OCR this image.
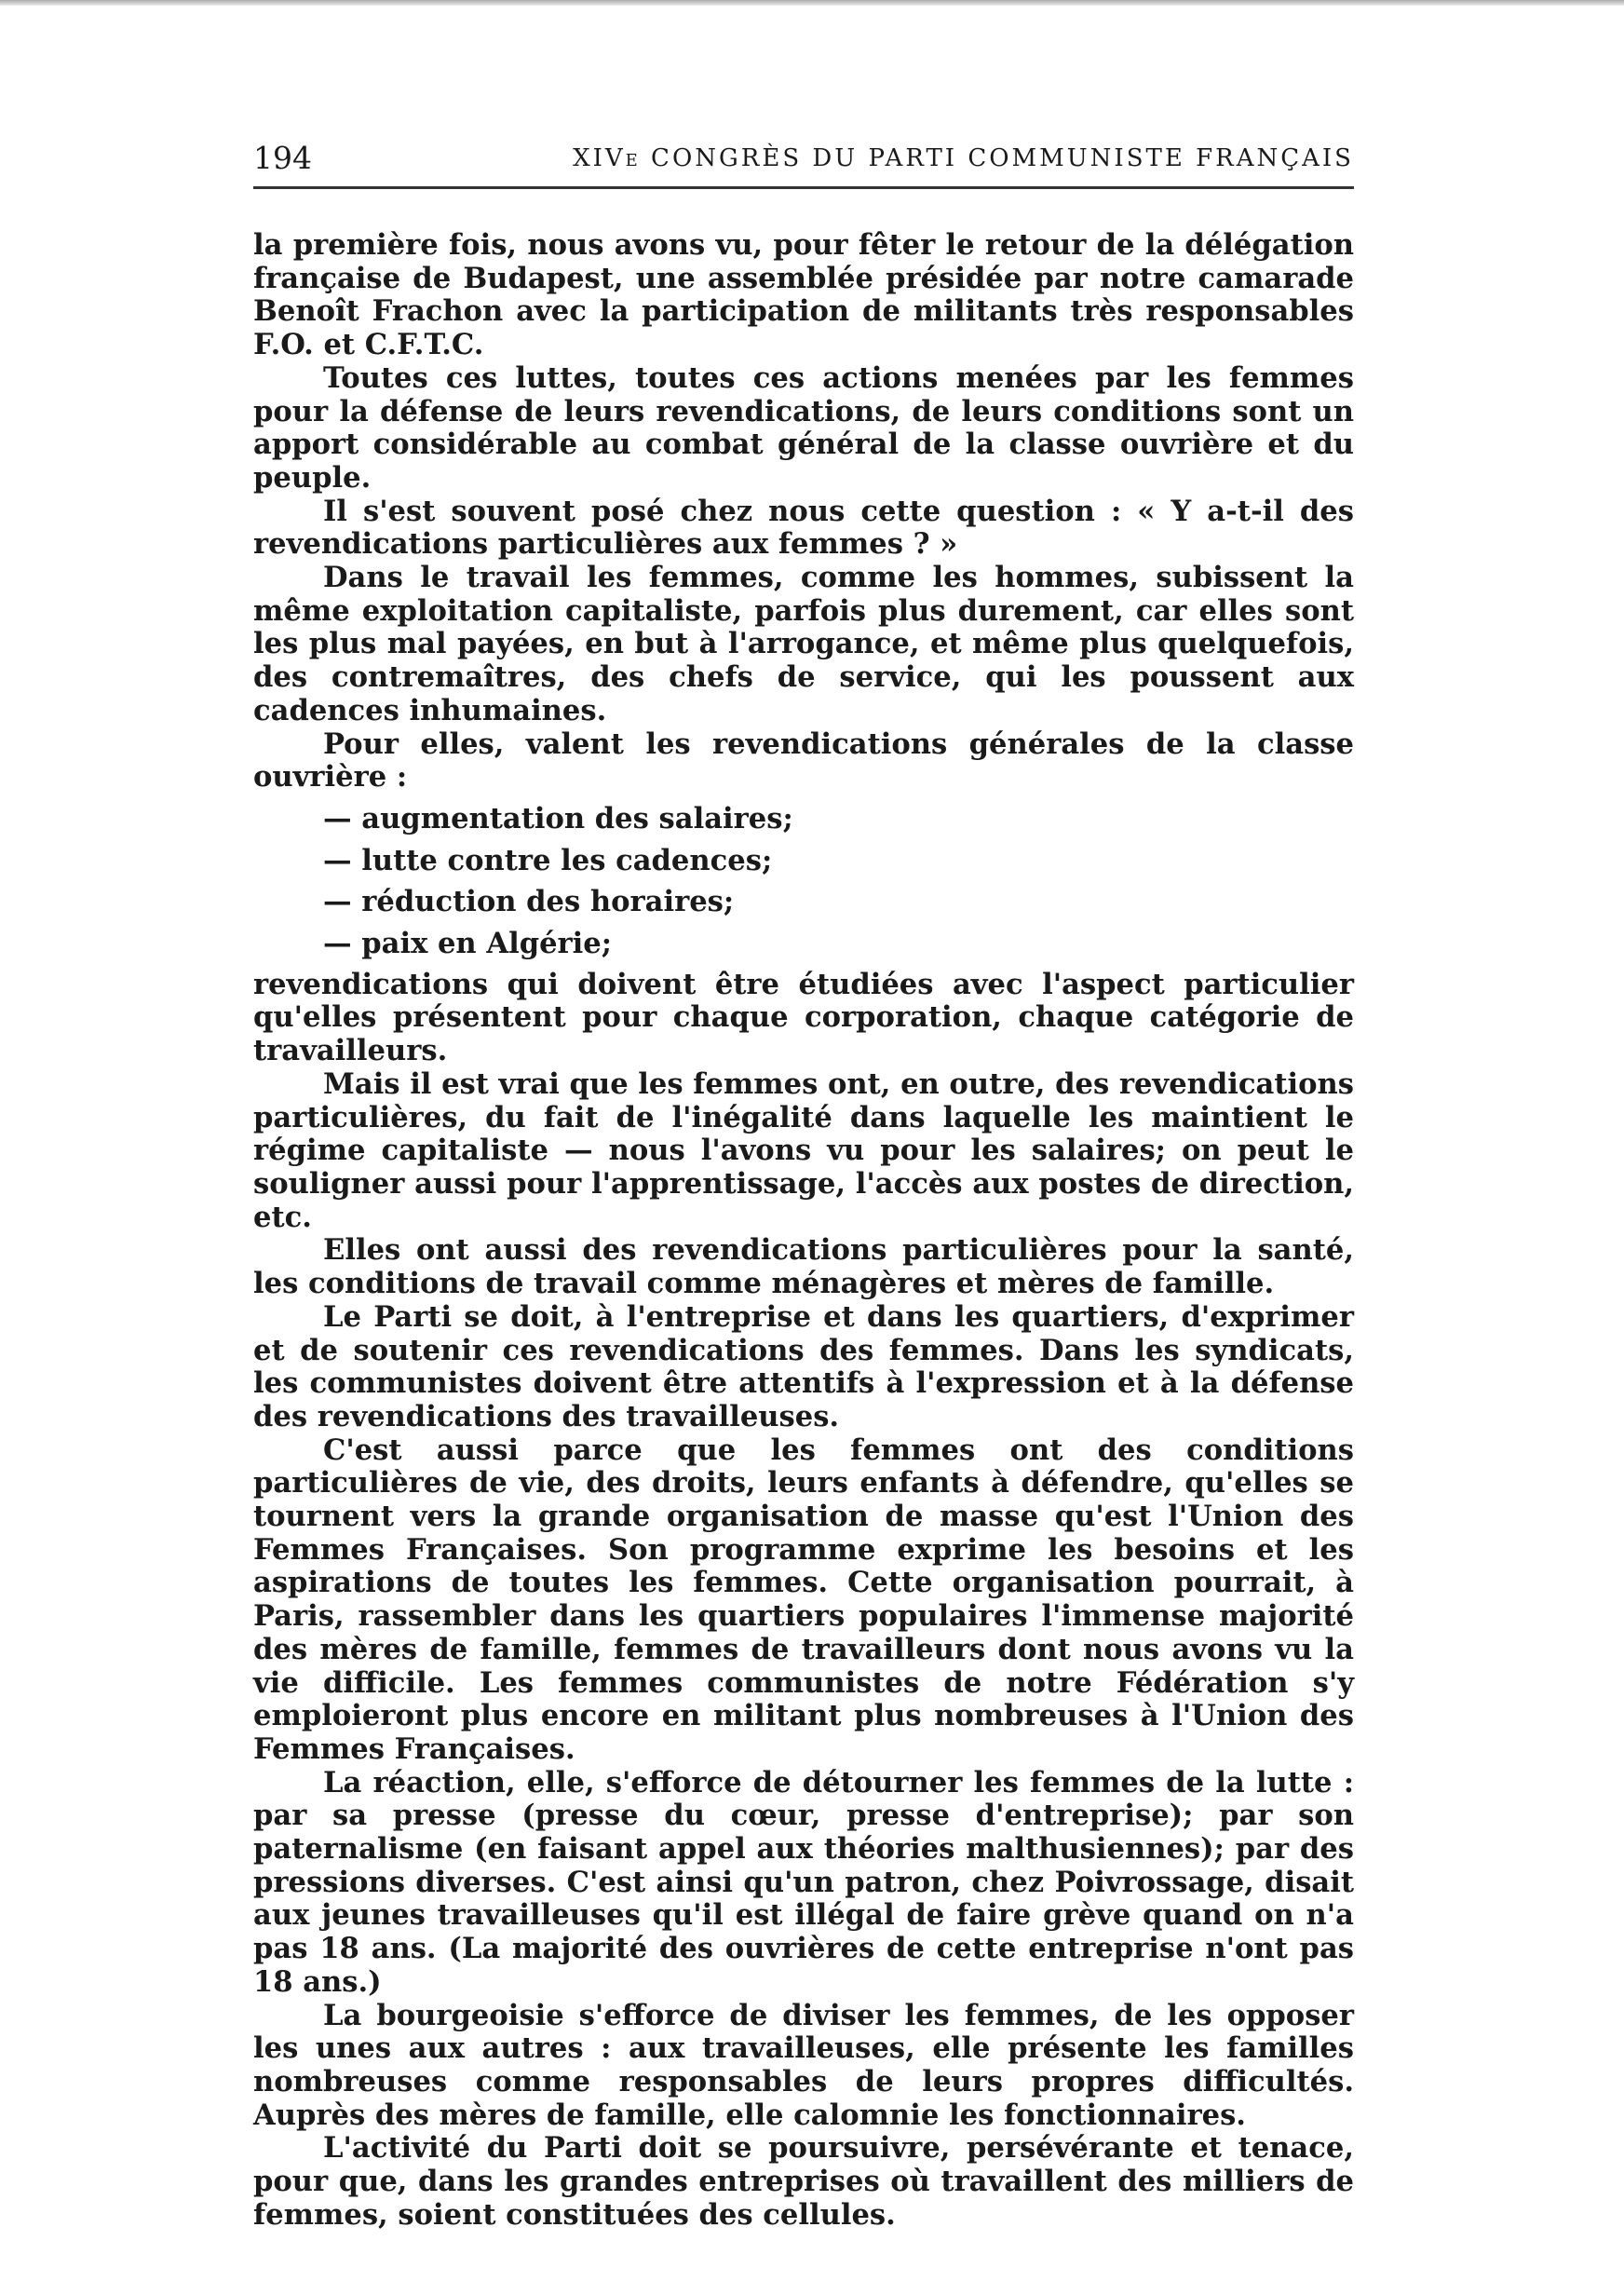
194	XIVe CONGRÈS DU PARTI COMMUNISTE FRANÇAIS

la première fois, nous avons vu, pour fêter le retour de la délégation française de Budapest, une assemblée présidée par notre camarade Benoît Frachon avec la participation de militants très responsables F.O. et C.F.T.C.

Toutes ces luttes, toutes ces actions menées par les femmes pour la défense de leurs revendications, de leurs conditions sont un apport considérable au combat général de la classe ouvrière et du peuple.

Il s'est souvent posé chez nous cette question : « Y a-t-il des revendications particulières aux femmes ? »

Dans le travail les femmes, comme les hommes, subissent la même exploitation capitaliste, parfois plus durement, car elles sont les plus mal payées, en but à l'arrogance, et même plus quelquefois, des contremaîtres, des chefs de service, qui les poussent aux cadences inhumaines.

Pour elles, valent les revendications générales de la classe ouvrière :

— augmentation des salaires;
— lutte contre les cadences;
— réduction des horaires;
— paix en Algérie;

revendications qui doivent être étudiées avec l'aspect particulier qu'elles présentent pour chaque corporation, chaque catégorie de travailleurs.

Mais il est vrai que les femmes ont, en outre, des revendications particulières, du fait de l'inégalité dans laquelle les maintient le régime capitaliste — nous l'avons vu pour les salaires; on peut le souligner aussi pour l'apprentissage, l'accès aux postes de direction, etc.

Elles ont aussi des revendications particulières pour la santé, les conditions de travail comme ménagères et mères de famille.

Le Parti se doit, à l'entreprise et dans les quartiers, d'exprimer et de soutenir ces revendications des femmes. Dans les syndicats, les communistes doivent être attentifs à l'expression et à la défense des revendications des travailleuses.

C'est aussi parce que les femmes ont des conditions particulières de vie, des droits, leurs enfants à défendre, qu'elles se tournent vers la grande organisation de masse qu'est l'Union des Femmes Françaises. Son programme exprime les besoins et les aspirations de toutes les femmes. Cette organisation pourrait, à Paris, rassembler dans les quartiers populaires l'immense majorité des mères de famille, femmes de travailleurs dont nous avons vu la vie difficile. Les femmes communistes de notre Fédération s'y emploieront plus encore en militant plus nombreuses à l'Union des Femmes Françaises.

La réaction, elle, s'efforce de détourner les femmes de la lutte : par sa presse (presse du cœur, presse d'entreprise); par son paternalisme (en faisant appel aux théories malthusiennes); par des pressions diverses. C'est ainsi qu'un patron, chez Poivrossage, disait aux jeunes travailleuses qu'il est illégal de faire grève quand on n'a pas 18 ans. (La majorité des ouvrières de cette entreprise n'ont pas 18 ans.)

La bourgeoisie s'efforce de diviser les femmes, de les opposer les unes aux autres : aux travailleuses, elle présente les familles nombreuses comme responsables de leurs propres difficultés. Auprès des mères de famille, elle calomnie les fonctionnaires.

L'activité du Parti doit se poursuivre, persévérante et tenace, pour que, dans les grandes entreprises où travaillent des milliers de femmes, soient constituées des cellules.
